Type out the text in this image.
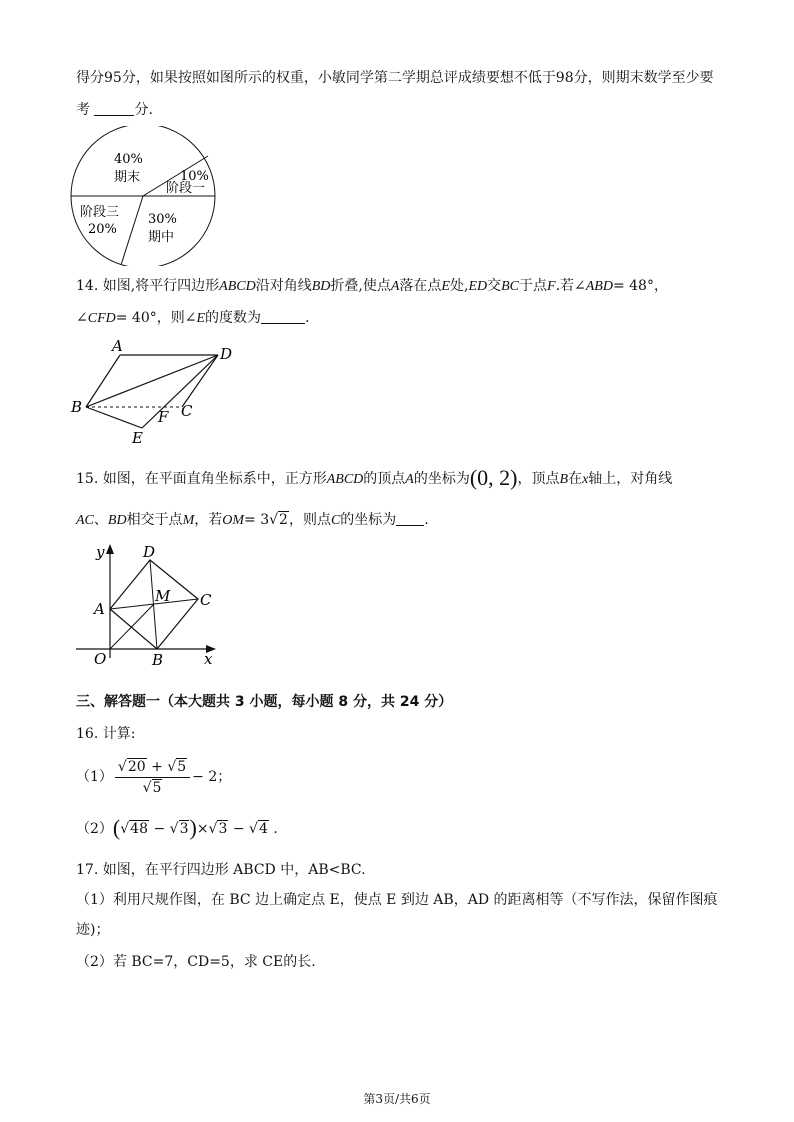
得分95分，如果按照如图所示的权重，小敏同学第二学期总评成绩要想不低于98分，则期末数学至少要
考	分.
40%
期末	10%
阶段一
阶段三
20%
30%
期中
14. 如图,将平行四边形ABCD沿对角线BD折叠,使点A落在点E处,ED交BC于点F.若∠ABD= 48°，
∠CFD= 40°，则∠E的度数为	.
A	D
B
F C
E
15. 如图，在平面直角坐标系中，正方形ABCD的顶点A的坐标为(0, 2)，顶点B在x轴上，对角线
AC、BD相交于点M，若OM= 3√2，则点C的坐标为 .
y	D
A
M C
O	B	x
三、解答题一（本大题共 3 小题，每小题 8 分，共 24 分）
16. 计算:
$(1) \frac{√20 + √5}{√5} - 2$；
（2）(√48 − √3)×√3 − √4 .
17. 如图，在平行四边形 ABCD 中，AB<BC.
（1）利用尺规作图，在 BC 边上确定点 E，使点 E 到边 AB，AD 的距离相等（不写作法，保留作图痕
迹)；
（2）若 BC=7，CD=5，求 CE的长.
第3页/共6页
